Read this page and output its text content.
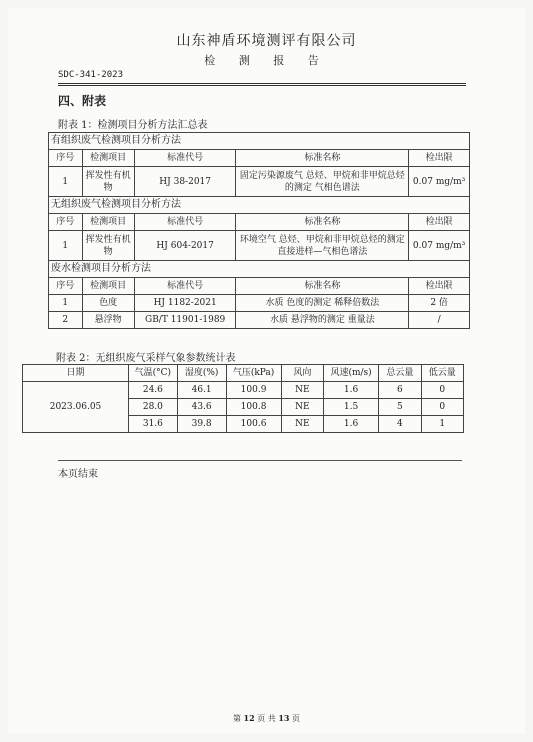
山东神盾环境测评有限公司
检 测 报 告
SDC-341-2023
四、附表
附表 1：检测项目分析方法汇总表
有组织废气检测项目分析方法				
序号	检测项目	标准代号	标准名称	检出限
1	挥发性有机物	HJ 38-2017	固定污染源废气 总烃、甲烷和非甲烷总烃的测定 气相色谱法	0.07 mg/m³
无组织废气检测项目分析方法				
序号	检测项目	标准代号	标准名称	检出限
1	挥发性有机物	HJ 604-2017	环境空气 总烃、甲烷和非甲烷总烃的测定 直接进样—气相色谱法	0.07 mg/m³
废水检测项目分析方法				
序号	检测项目	标准代号	标准名称	检出限
1	色度	HJ 1182-2021	水质 色度的测定 稀释倍数法	2 倍
2	悬浮物	GB/T 11901-1989	水质 悬浮物的测定 重量法	/
附表 2：无组织废气采样气象参数统计表
日期	气温(°C)	湿度(%)	气压(kPa)	风向	风速(m/s)	总云量	低云量
2023.06.05	24.6	46.1	100.9	NE	1.6	6	0
	28.0	43.6	100.8	NE	1.5	5	0
	31.6	39.8	100.6	NE	1.6	4	1
本页结束
第 12 页 共 13 页
